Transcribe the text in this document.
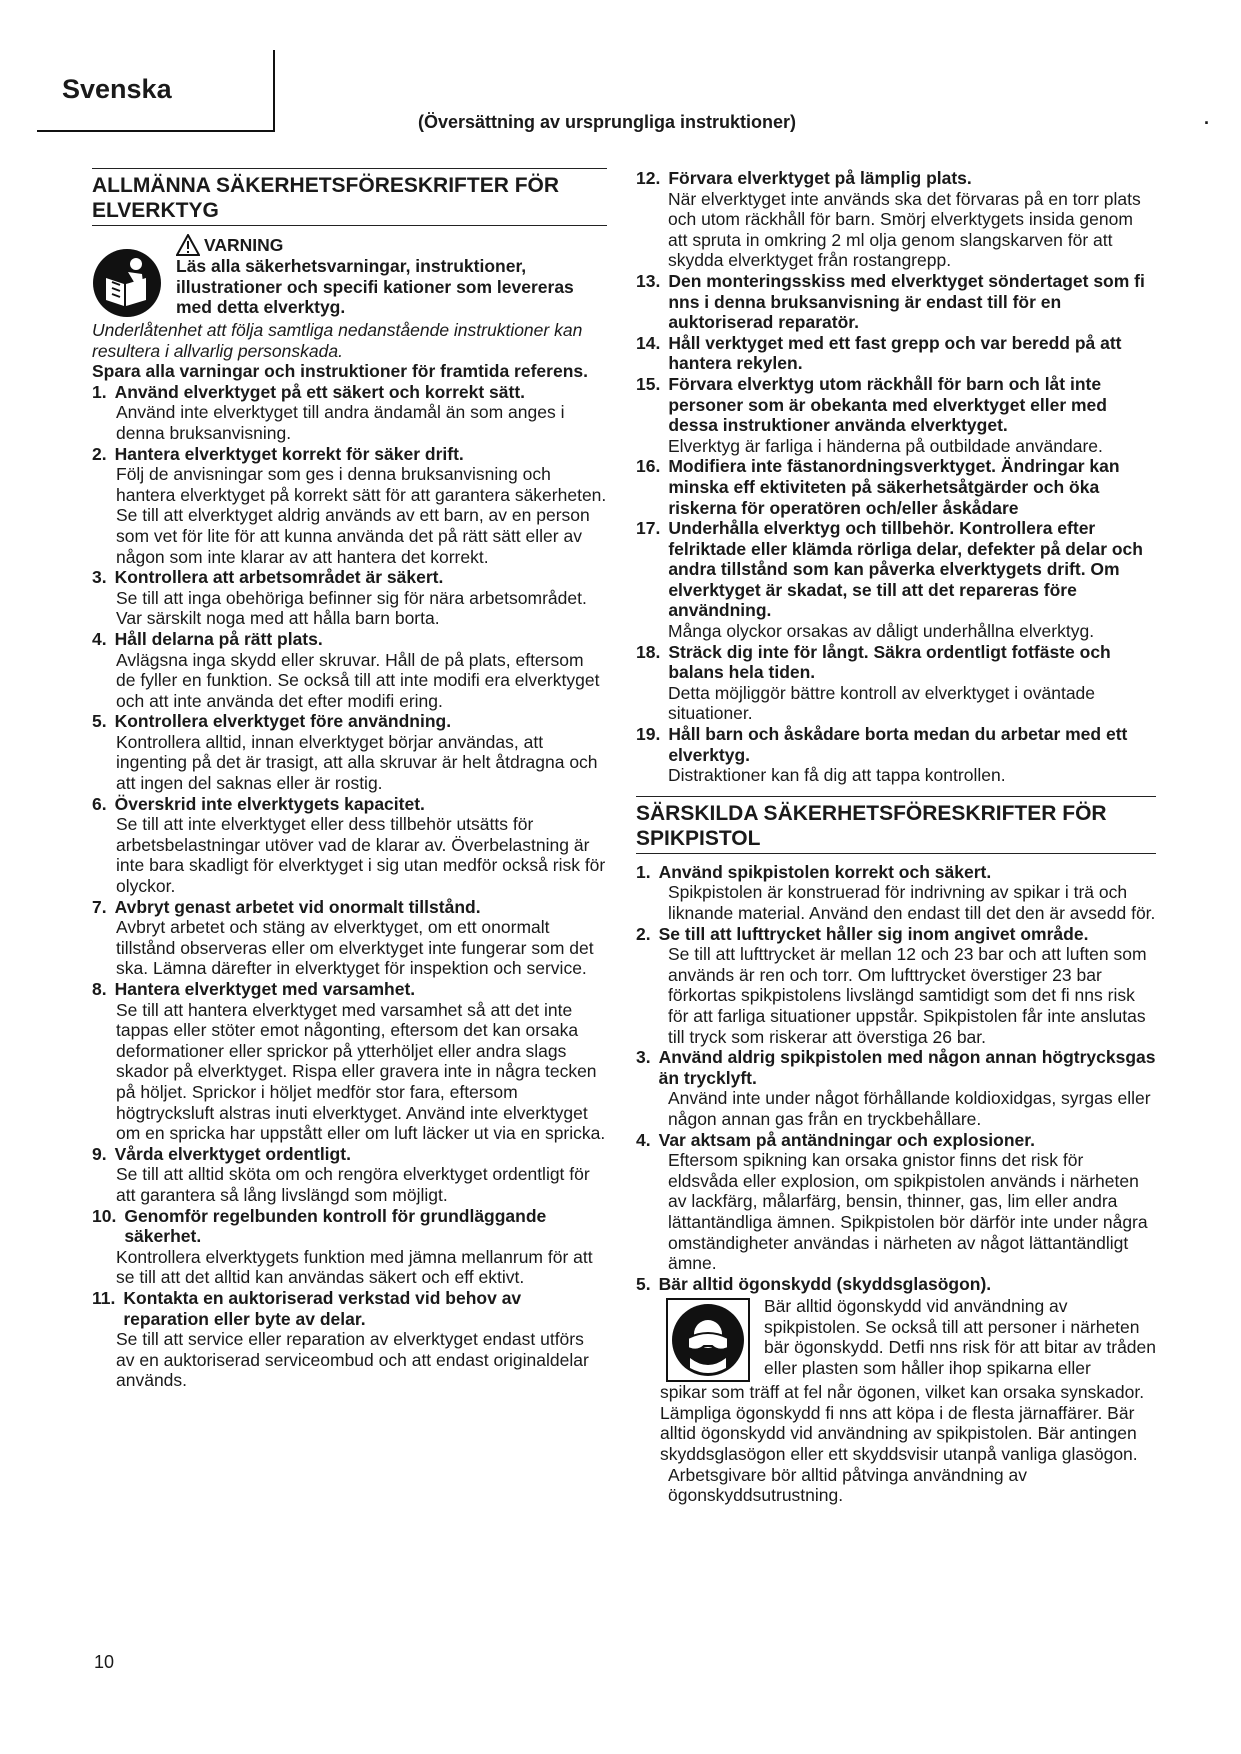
Svenska
(Översättning av ursprungliga instruktioner)	.
ALLMÄNNA SÄKERHETSFÖRESKRIFTER FÖR ELVERKTYG
VARNING
Läs alla säkerhetsvarningar, instruktioner, illustrationer och specifi kationer som levereras med detta elverktyg.
Underlåtenhet att följa samtliga nedanstående instruktioner kan resultera i allvarlig personskada.
Spara alla varningar och instruktioner för framtida referens.
1. Använd elverktyget på ett säkert och korrekt sätt.
Använd inte elverktyget till andra ändamål än som anges i denna bruksanvisning.
2. Hantera elverktyget korrekt för säker drift.
Följ de anvisningar som ges i denna bruksanvisning och hantera elverktyget på korrekt sätt för att garantera säkerheten. Se till att elverktyget aldrig används av ett barn, av en person som vet för lite för att kunna använda det på rätt sätt eller av någon som inte klarar av att hantera det korrekt.
3. Kontrollera att arbetsområdet är säkert.
Se till att inga obehöriga befinner sig för nära arbetsområdet. Var särskilt noga med att hålla barn borta.
4. Håll delarna på rätt plats.
Avlägsna inga skydd eller skruvar. Håll de på plats, eftersom de fyller en funktion. Se också till att inte modifi era elverktyget och att inte använda det efter modifi ering.
5. Kontrollera elverktyget före användning.
Kontrollera alltid, innan elverktyget börjar användas, att ingenting på det är trasigt, att alla skruvar är helt åtdragna och att ingen del saknas eller är rostig.
6. Överskrid inte elverktygets kapacitet.
Se till att inte elverktyget eller dess tillbehör utsätts för arbetsbelastningar utöver vad de klarar av. Överbelastning är inte bara skadligt för elverktyget i sig utan medför också risk för olyckor.
7. Avbryt genast arbetet vid onormalt tillstånd.
Avbryt arbetet och stäng av elverktyget, om ett onormalt tillstånd observeras eller om elverktyget inte fungerar som det ska. Lämna därefter in elverktyget för inspektion och service.
8. Hantera elverktyget med varsamhet.
Se till att hantera elverktyget med varsamhet så att det inte tappas eller stöter emot någonting, eftersom det kan orsaka deformationer eller sprickor på ytterhöljet eller andra slags skador på elverktyget. Rispa eller gravera inte in några tecken på höljet. Sprickor i höljet medför stor fara, eftersom högtrycksluft alstras inuti elverktyget. Använd inte elverktyget om en spricka har uppstått eller om luft läcker ut via en spricka.
9. Vårda elverktyget ordentligt.
Se till att alltid sköta om och rengöra elverktyget ordentligt för att garantera så lång livslängd som möjligt.
10. Genomför regelbunden kontroll för grundläggande säkerhet.
Kontrollera elverktygets funktion med jämna mellanrum för att se till att det alltid kan användas säkert och eff ektivt.
11. Kontakta en auktoriserad verkstad vid behov av reparation eller byte av delar.
Se till att service eller reparation av elverktyget endast utförs av en auktoriserad serviceombud och att endast originaldelar används.
12. Förvara elverktyget på lämplig plats.
När elverktyget inte används ska det förvaras på en torr plats och utom räckhåll för barn. Smörj elverktygets insida genom att spruta in omkring 2 ml olja genom slangskarven för att skydda elverktyget från rostangrepp.
13. Den monteringsskiss med elverktyget söndertaget som fi nns i denna bruksanvisning är endast till för en auktoriserad reparatör.
14. Håll verktyget med ett fast grepp och var beredd på att hantera rekylen.
15. Förvara elverktyg utom räckhåll för barn och låt inte personer som är obekanta med elverktyget eller med dessa instruktioner använda elverktyget.
Elverktyg är farliga i händerna på outbildade användare.
16. Modifiera inte fästanordningsverktyget. Ändringar kan minska eff ektiviteten på säkerhetsåtgärder och öka riskerna för operatören och/eller åskådare
17. Underhålla elverktyg och tillbehör. Kontrollera efter felriktade eller klämda rörliga delar, defekter på delar och andra tillstånd som kan påverka elverktygets drift. Om elverktyget är skadat, se till att det repareras före användning.
Många olyckor orsakas av dåligt underhållna elverktyg.
18. Sträck dig inte för långt. Säkra ordentligt fotfäste och balans hela tiden.
Detta möjliggör bättre kontroll av elverktyget i oväntade situationer.
19. Håll barn och åskådare borta medan du arbetar med ett elverktyg.
Distraktioner kan få dig att tappa kontrollen.
SÄRSKILDA SÄKERHETSFÖRESKRIFTER FÖR SPIKPISTOL
1. Använd spikpistolen korrekt och säkert.
Spikpistolen är konstruerad för indrivning av spikar i trä och liknande material. Använd den endast till det den är avsedd för.
2. Se till att lufttrycket håller sig inom angivet område.
Se till att lufttrycket är mellan 12 och 23 bar och att luften som används är ren och torr. Om lufttrycket överstiger 23 bar förkortas spikpistolens livslängd samtidigt som det fi nns risk för att farliga situationer uppstår. Spikpistolen får inte anslutas till tryck som riskerar att överstiga 26 bar.
3. Använd aldrig spikpistolen med någon annan högtrycksgas än trycklyft.
Använd inte under något förhållande koldioxidgas, syrgas eller någon annan gas från en tryckbehållare.
4. Var aktsam på antändningar och explosioner.
Eftersom spikning kan orsaka gnistor finns det risk för eldsvåda eller explosion, om spikpistolen används i närheten av lackfärg, målarfärg, bensin, thinner, gas, lim eller andra lättantändliga ämnen. Spikpistolen bör därför inte under några omständigheter användas i närheten av något lättantändligt ämne.
5. Bär alltid ögonskydd (skyddsglasögon).
Bär alltid ögonskydd vid användning av spikpistolen. Se också till att personer i närheten bär ögonskydd. Detfi nns risk för att bitar av tråden eller plasten som håller ihop spikarna eller
spikar som träff at fel når ögonen, vilket kan orsaka synskador. Lämpliga ögonskydd fi nns att köpa i de flesta järnaffärer. Bär alltid ögonskydd vid användning av spikpistolen. Bär antingen skyddsglasögon eller ett skyddsvisir utanpå vanliga glasögon.
Arbetsgivare bör alltid påtvinga användning av ögonskyddsutrustning.
10
